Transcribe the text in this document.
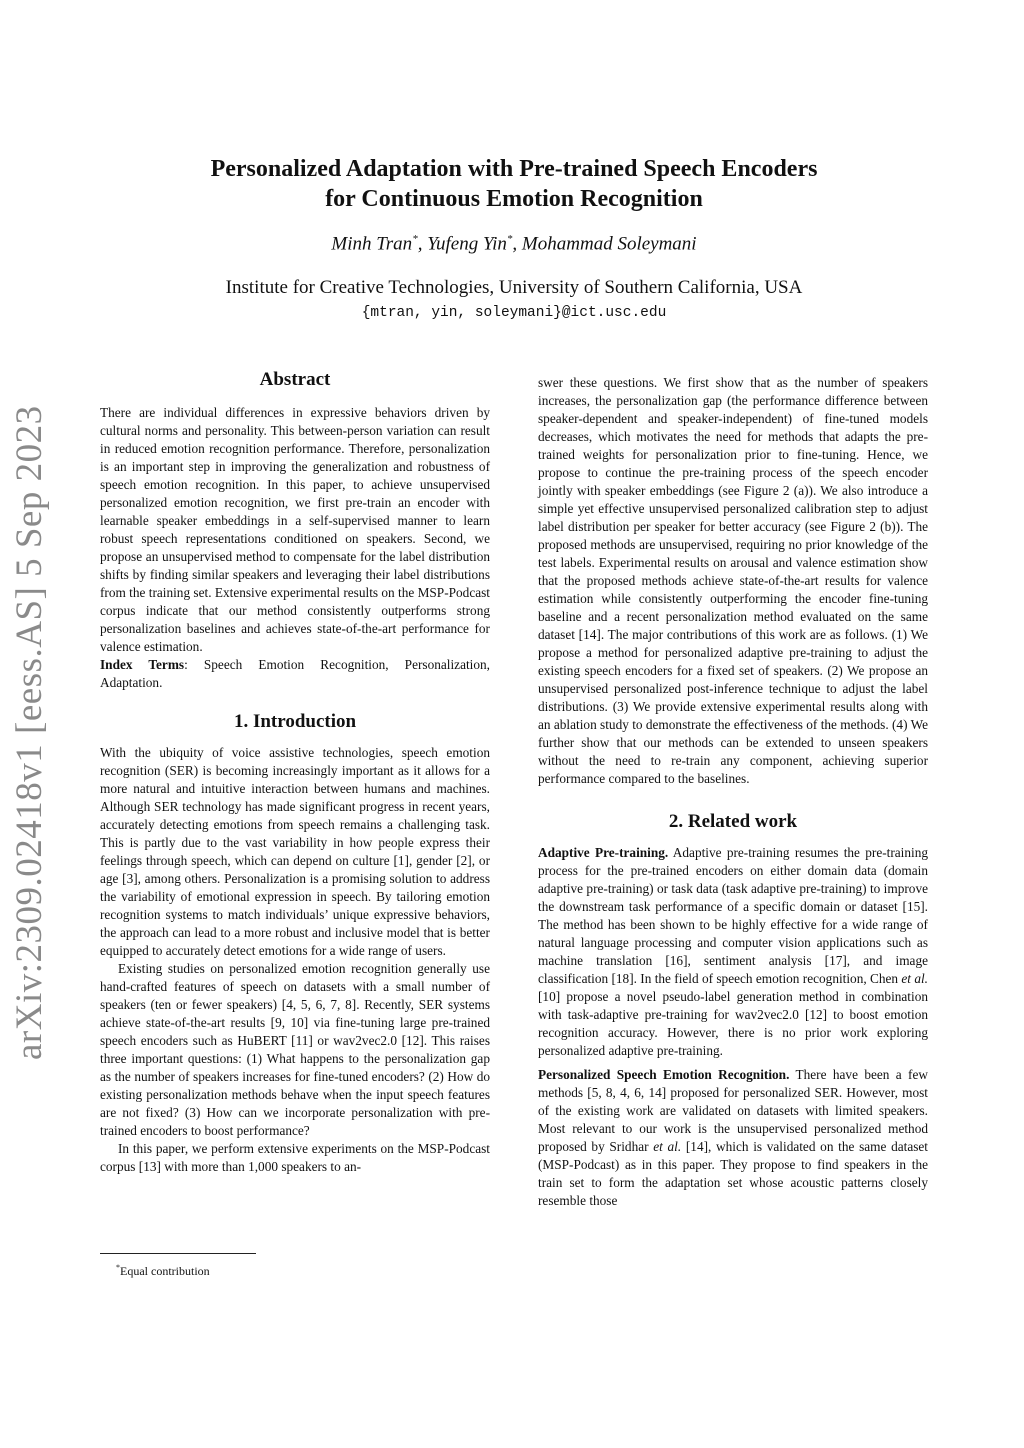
arXiv:2309.02418v1 [eess.AS] 5 Sep 2023
Personalized Adaptation with Pre-trained Speech Encoders
for Continuous Emotion Recognition
Minh Tran*, Yufeng Yin*, Mohammad Soleymani
Institute for Creative Technologies, University of Southern California, USA
{mtran, yin, soleymani}@ict.usc.edu
Abstract

There are individual differences in expressive behaviors driven by cultural norms and personality. This between-person variation can result in reduced emotion recognition performance. Therefore, personalization is an important step in improving the generalization and robustness of speech emotion recognition. In this paper, to achieve unsupervised personalized emotion recognition, we first pre-train an encoder with learnable speaker embeddings in a self-supervised manner to learn robust speech representations conditioned on speakers. Second, we propose an unsupervised method to compensate for the label distribution shifts by finding similar speakers and leveraging their label distributions from the training set. Extensive experimental results on the MSP-Podcast corpus indicate that our method consistently outperforms strong personalization baselines and achieves state-of-the-art performance for valence estimation.

Index Terms: Speech Emotion Recognition, Personalization, Adaptation.

1. Introduction

With the ubiquity of voice assistive technologies, speech emotion recognition (SER) is becoming increasingly important as it allows for a more natural and intuitive interaction between humans and machines. Although SER technology has made significant progress in recent years, accurately detecting emotions from speech remains a challenging task. This is partly due to the vast variability in how people express their feelings through speech, which can depend on culture [1], gender [2], or age [3], among others. Personalization is a promising solution to address the variability of emotional expression in speech. By tailoring emotion recognition systems to match individuals’ unique expressive behaviors, the approach can lead to a more robust and inclusive model that is better equipped to accurately detect emotions for a wide range of users.

Existing studies on personalized emotion recognition generally use hand-crafted features of speech on datasets with a small number of speakers (ten or fewer speakers) [4, 5, 6, 7, 8]. Recently, SER systems achieve state-of-the-art results [9, 10] via fine-tuning large pre-trained speech encoders such as HuBERT [11] or wav2vec2.0 [12]. This raises three important questions: (1) What happens to the personalization gap as the number of speakers increases for fine-tuned encoders? (2) How do existing personalization methods behave when the input speech features are not fixed? (3) How can we incorporate personalization with pre-trained encoders to boost performance?

In this paper, we perform extensive experiments on the MSP-Podcast corpus [13] with more than 1,000 speakers to an-

*Equal contribution

swer these questions. We first show that as the number of speakers increases, the personalization gap (the performance difference between speaker-dependent and speaker-independent) of fine-tuned models decreases, which motivates the need for methods that adapts the pre-trained weights for personalization prior to fine-tuning. Hence, we propose to continue the pre-training process of the speech encoder jointly with speaker embeddings (see Figure 2 (a)). We also introduce a simple yet effective unsupervised personalized calibration step to adjust label distribution per speaker for better accuracy (see Figure 2 (b)). The proposed methods are unsupervised, requiring no prior knowledge of the test labels. Experimental results on arousal and valence estimation show that the proposed methods achieve state-of-the-art results for valence estimation while consistently outperforming the encoder fine-tuning baseline and a recent personalization method evaluated on the same dataset [14]. The major contributions of this work are as follows. (1) We propose a method for personalized adaptive pre-training to adjust the existing speech encoders for a fixed set of speakers. (2) We propose an unsupervised personalized post-inference technique to adjust the label distributions. (3) We provide extensive experimental results along with an ablation study to demonstrate the effectiveness of the methods. (4) We further show that our methods can be extended to unseen speakers without the need to re-train any component, achieving superior performance compared to the baselines.

2. Related work

Adaptive Pre-training. Adaptive pre-training resumes the pre-training process for the pre-trained encoders on either domain data (domain adaptive pre-training) or task data (task adaptive pre-training) to improve the downstream task performance of a specific domain or dataset [15]. The method has been shown to be highly effective for a wide range of natural language processing and computer vision applications such as machine translation [16], sentiment analysis [17], and image classification [18]. In the field of speech emotion recognition, Chen et al. [10] propose a novel pseudo-label generation method in combination with task-adaptive pre-training for wav2vec2.0 [12] to boost emotion recognition accuracy. However, there is no prior work exploring personalized adaptive pre-training.

Personalized Speech Emotion Recognition. There have been a few methods [5, 8, 4, 6, 14] proposed for personalized SER. However, most of the existing work are validated on datasets with limited speakers. Most relevant to our work is the unsupervised personalized method proposed by Sridhar et al. [14], which is validated on the same dataset (MSP-Podcast) as in this paper. They propose to find speakers in the train set to form the adaptation set whose acoustic patterns closely resemble those
